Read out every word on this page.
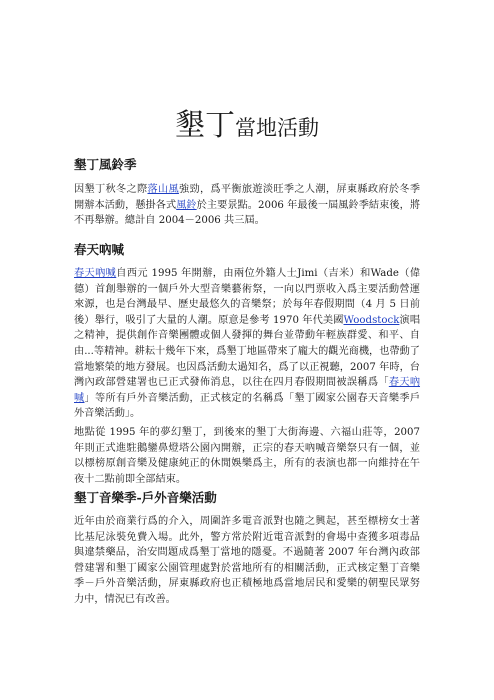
墾丁當地活動
墾丁風鈴季

因墾丁秋冬之際落山風強勁，爲平衡旅遊淡旺季之人潮，屏東縣政府於冬季開辦本活動，懸掛各式風鈴於主要景點。2006 年最後一屆風鈴季結束後，將不再舉辦。總計自 2004－2006 共三屆。

春天吶喊

春天吶喊自西元 1995 年開辦，由兩位外籍人士Jimi（吉米）和Wade（偉德）首創舉辦的一個戶外大型音樂藝術祭，一向以門票收入爲主要活動營運來源，也是台灣最早、歷史最悠久的音樂祭；於每年春假期間（4 月 5 日前後）舉行，吸引了大量的人潮。原意是參考 1970 年代美國Woodstock演唱之精神，提供創作音樂團體或個人發揮的舞台並帶動年輕族群愛、和平、自由...等精神。耕耘十幾年下來，爲墾丁地區帶來了龐大的觀光商機，也帶動了當地繁榮的地方發展。也因爲活動太過知名，爲了以正視聽，2007 年時，台灣內政部營建署也已正式發佈消息，以往在四月春假期間被誤稱爲「春天吶喊」等所有戶外音樂活動，正式核定的名稱爲「墾丁國家公園春天音樂季戶外音樂活動」。

地點從 1995 年的夢幻墾丁，到後來的墾丁大街海邊、六福山莊等，2007 年則正式進駐鵝鑾鼻燈塔公園內開辦，正宗的春天吶喊音樂祭只有一個，並以標榜原創音樂及健康純正的休閒娛樂爲主，所有的表演也都一向維持在午夜十二點前即全部結束。

墾丁音樂季-戶外音樂活動

近年由於商業行爲的介入，周圍許多電音派對也隨之興起，甚至標榜女士著比基尼泳裝免費入場。此外，警方常於附近電音派對的會場中查獲多項毒品與違禁藥品，治安問題成爲墾丁當地的隱憂。不過隨著 2007 年台灣內政部營建署和墾丁國家公園管理處對於當地所有的相關活動，正式核定墾丁音樂季－戶外音樂活動，屏東縣政府也正積極地爲當地居民和愛樂的朝聖民眾努力中，情況已有改善。
